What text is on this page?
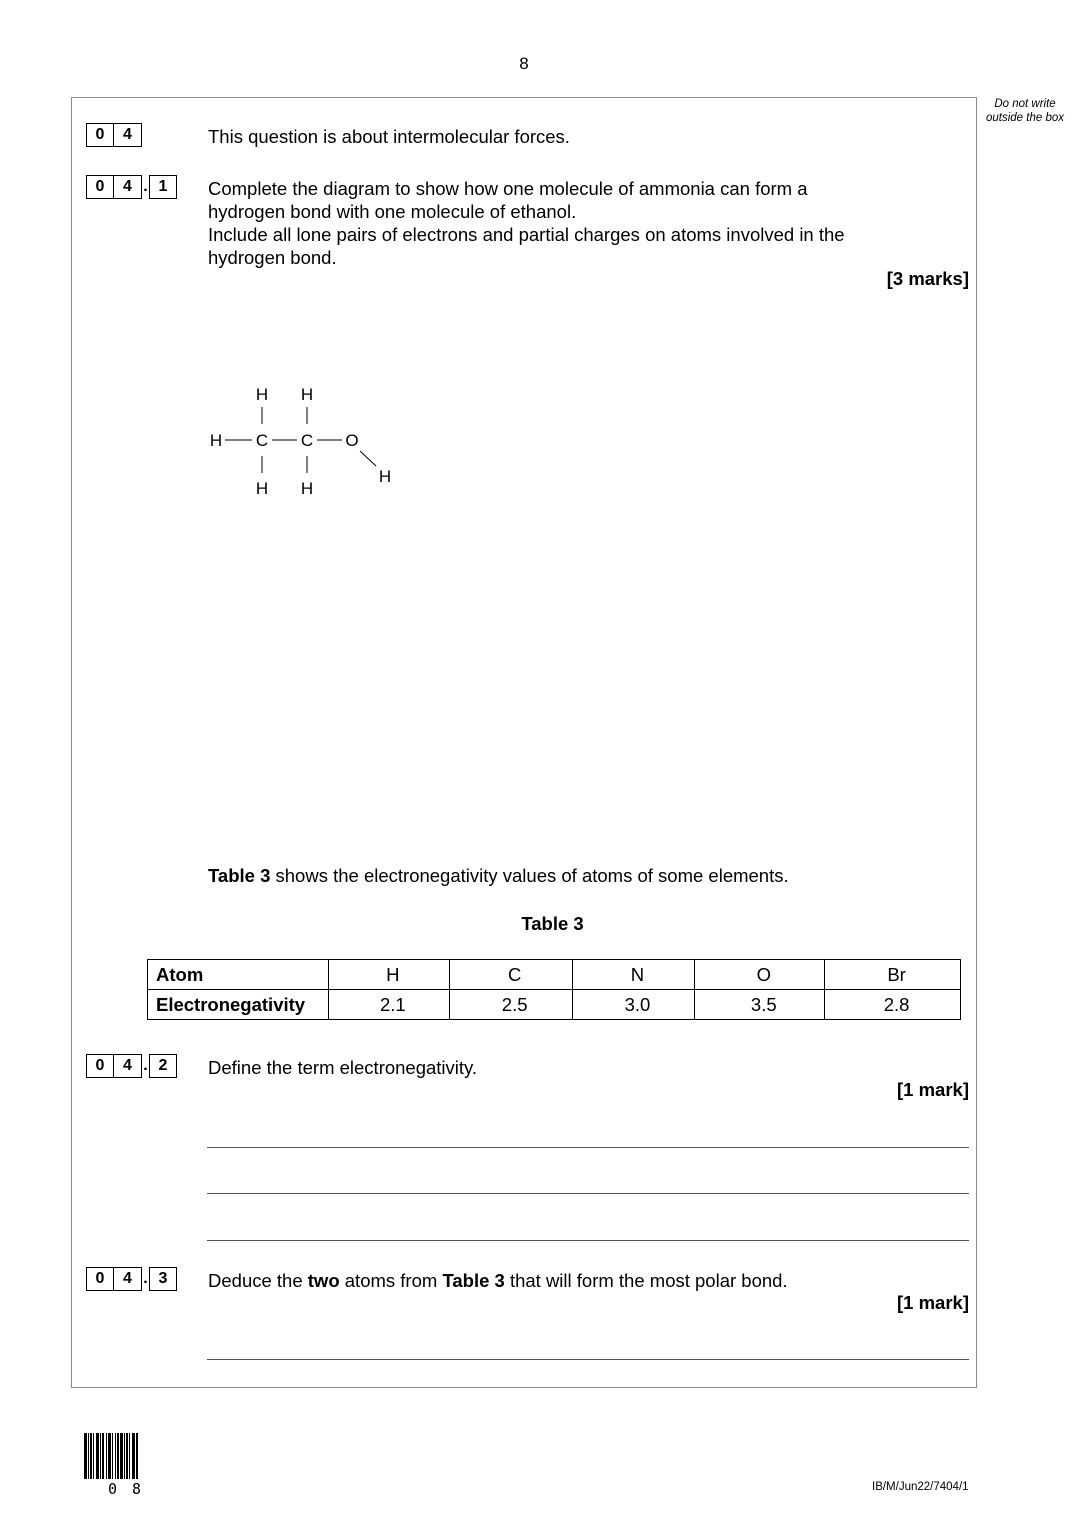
8
Do not write outside the box
0	4	This question is about intermolecular forces.
0	4 . 1	Complete the diagram to show how one molecule of ammonia can form a
hydrogen bond with one molecule of ethanol.
Include all lone pairs of electrons and partial charges on atoms involved in the
hydrogen bond.
[3 marks]
H H
H C C O
H H
H
Table 3 shows the electronegativity values of atoms of some elements.
Table 3
Atom	H	C	N	O	Br
Electronegativity	2.1	2.5	3.0	3.5	2.8
0	4 . 2	Define the term electronegativity.
[1 mark]
0	4 . 3	Deduce the two atoms from Table 3 that will form the most polar bond.
[1 mark]
0 8	IB/M/Jun22/7404/1
